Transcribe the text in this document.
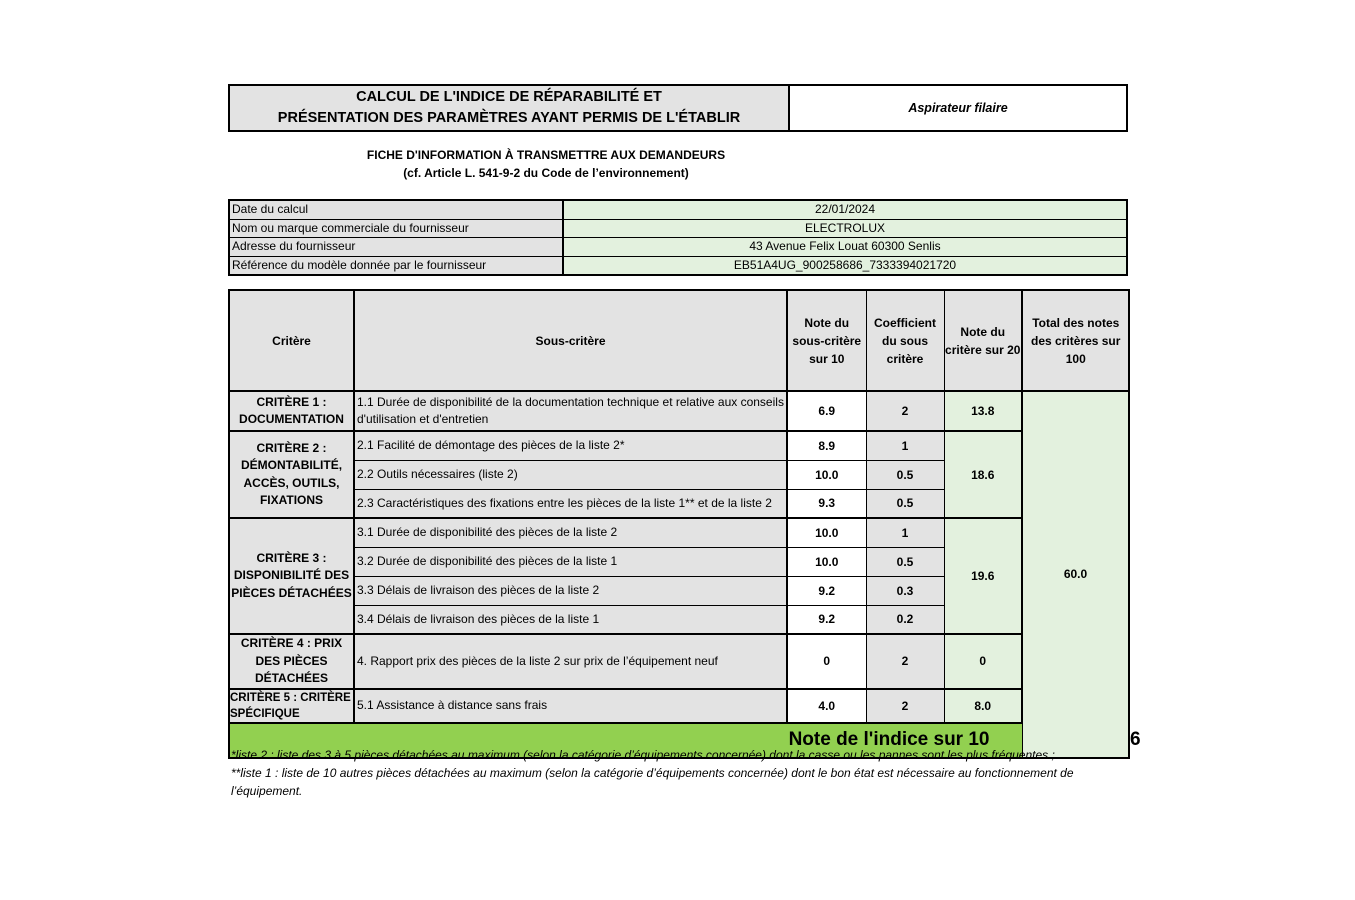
CALCUL DE L'INDICE DE RÉPARABILITÉ ET
PRÉSENTATION DES PARAMÈTRES AYANT PERMIS DE L'ÉTABLIR
Aspirateur filaire
FICHE D'INFORMATION À TRANSMETTRE AUX DEMANDEURS
(cf. Article L. 541-9-2 du Code de l’environnement)
Date du calcul	22/01/2024
Nom ou marque commerciale du fournisseur	ELECTROLUX
Adresse du fournisseur	43 Avenue Felix Louat 60300 Senlis
Référence du modèle donnée par le fournisseur	EB51A4UG_900258686_7333394021720
Critère	Sous-critère	Note du sous-critère sur 10	Coefficient du sous critère	Note du critère sur 20	Total des notes des critères sur 100	
CRITÈRE 1 : DOCUMENTATION	1.1 Durée de disponibilité de la documentation technique et relative aux conseils d'utilisation et d'entretien	6.9	2	13.8	60.0	
CRITÈRE 2 : DÉMONTABILITÉ, ACCÈS, OUTILS, FIXATIONS	2.1 Facilité de démontage des pièces de la liste 2*	8.9	1	18.6		
	2.2 Outils nécessaires (liste 2)	10.0	0.5			
	2.3 Caractéristiques des fixations entre les pièces de la liste 1** et de la liste 2	9.3	0.5			
CRITÈRE 3 : DISPONIBILITÉ DES PIÈCES DÉTACHÉES	3.1 Durée de disponibilité des pièces de la liste 2	10.0	1	19.6		
	3.2 Durée de disponibilité des pièces de la liste 1	10.0	0.5			
	3.3 Délais de livraison des pièces de la liste 2	9.2	0.3			
	3.4 Délais de livraison des pièces de la liste 1	9.2	0.2			
CRITÈRE 4 : PRIX DES PIÈCES DÉTACHÉES	4. Rapport prix des pièces de la liste 2 sur prix de l’équipement neuf	0	2	0		
CRITÈRE 5 : CRITÈRE SPÉCIFIQUE	5.1 Assistance à distance sans frais	4.0	2	8.0		
Note de l'indice sur 10						6
*liste 2 : liste des 3 à 5 pièces détachées au maximum (selon la catégorie d’équipements concernée) dont la casse ou les pannes sont les plus fréquentes ;
**liste 1 : liste de 10 autres pièces détachées au maximum (selon la catégorie d’équipements concernée) dont le bon état est nécessaire au fonctionnement de l’équipement.
